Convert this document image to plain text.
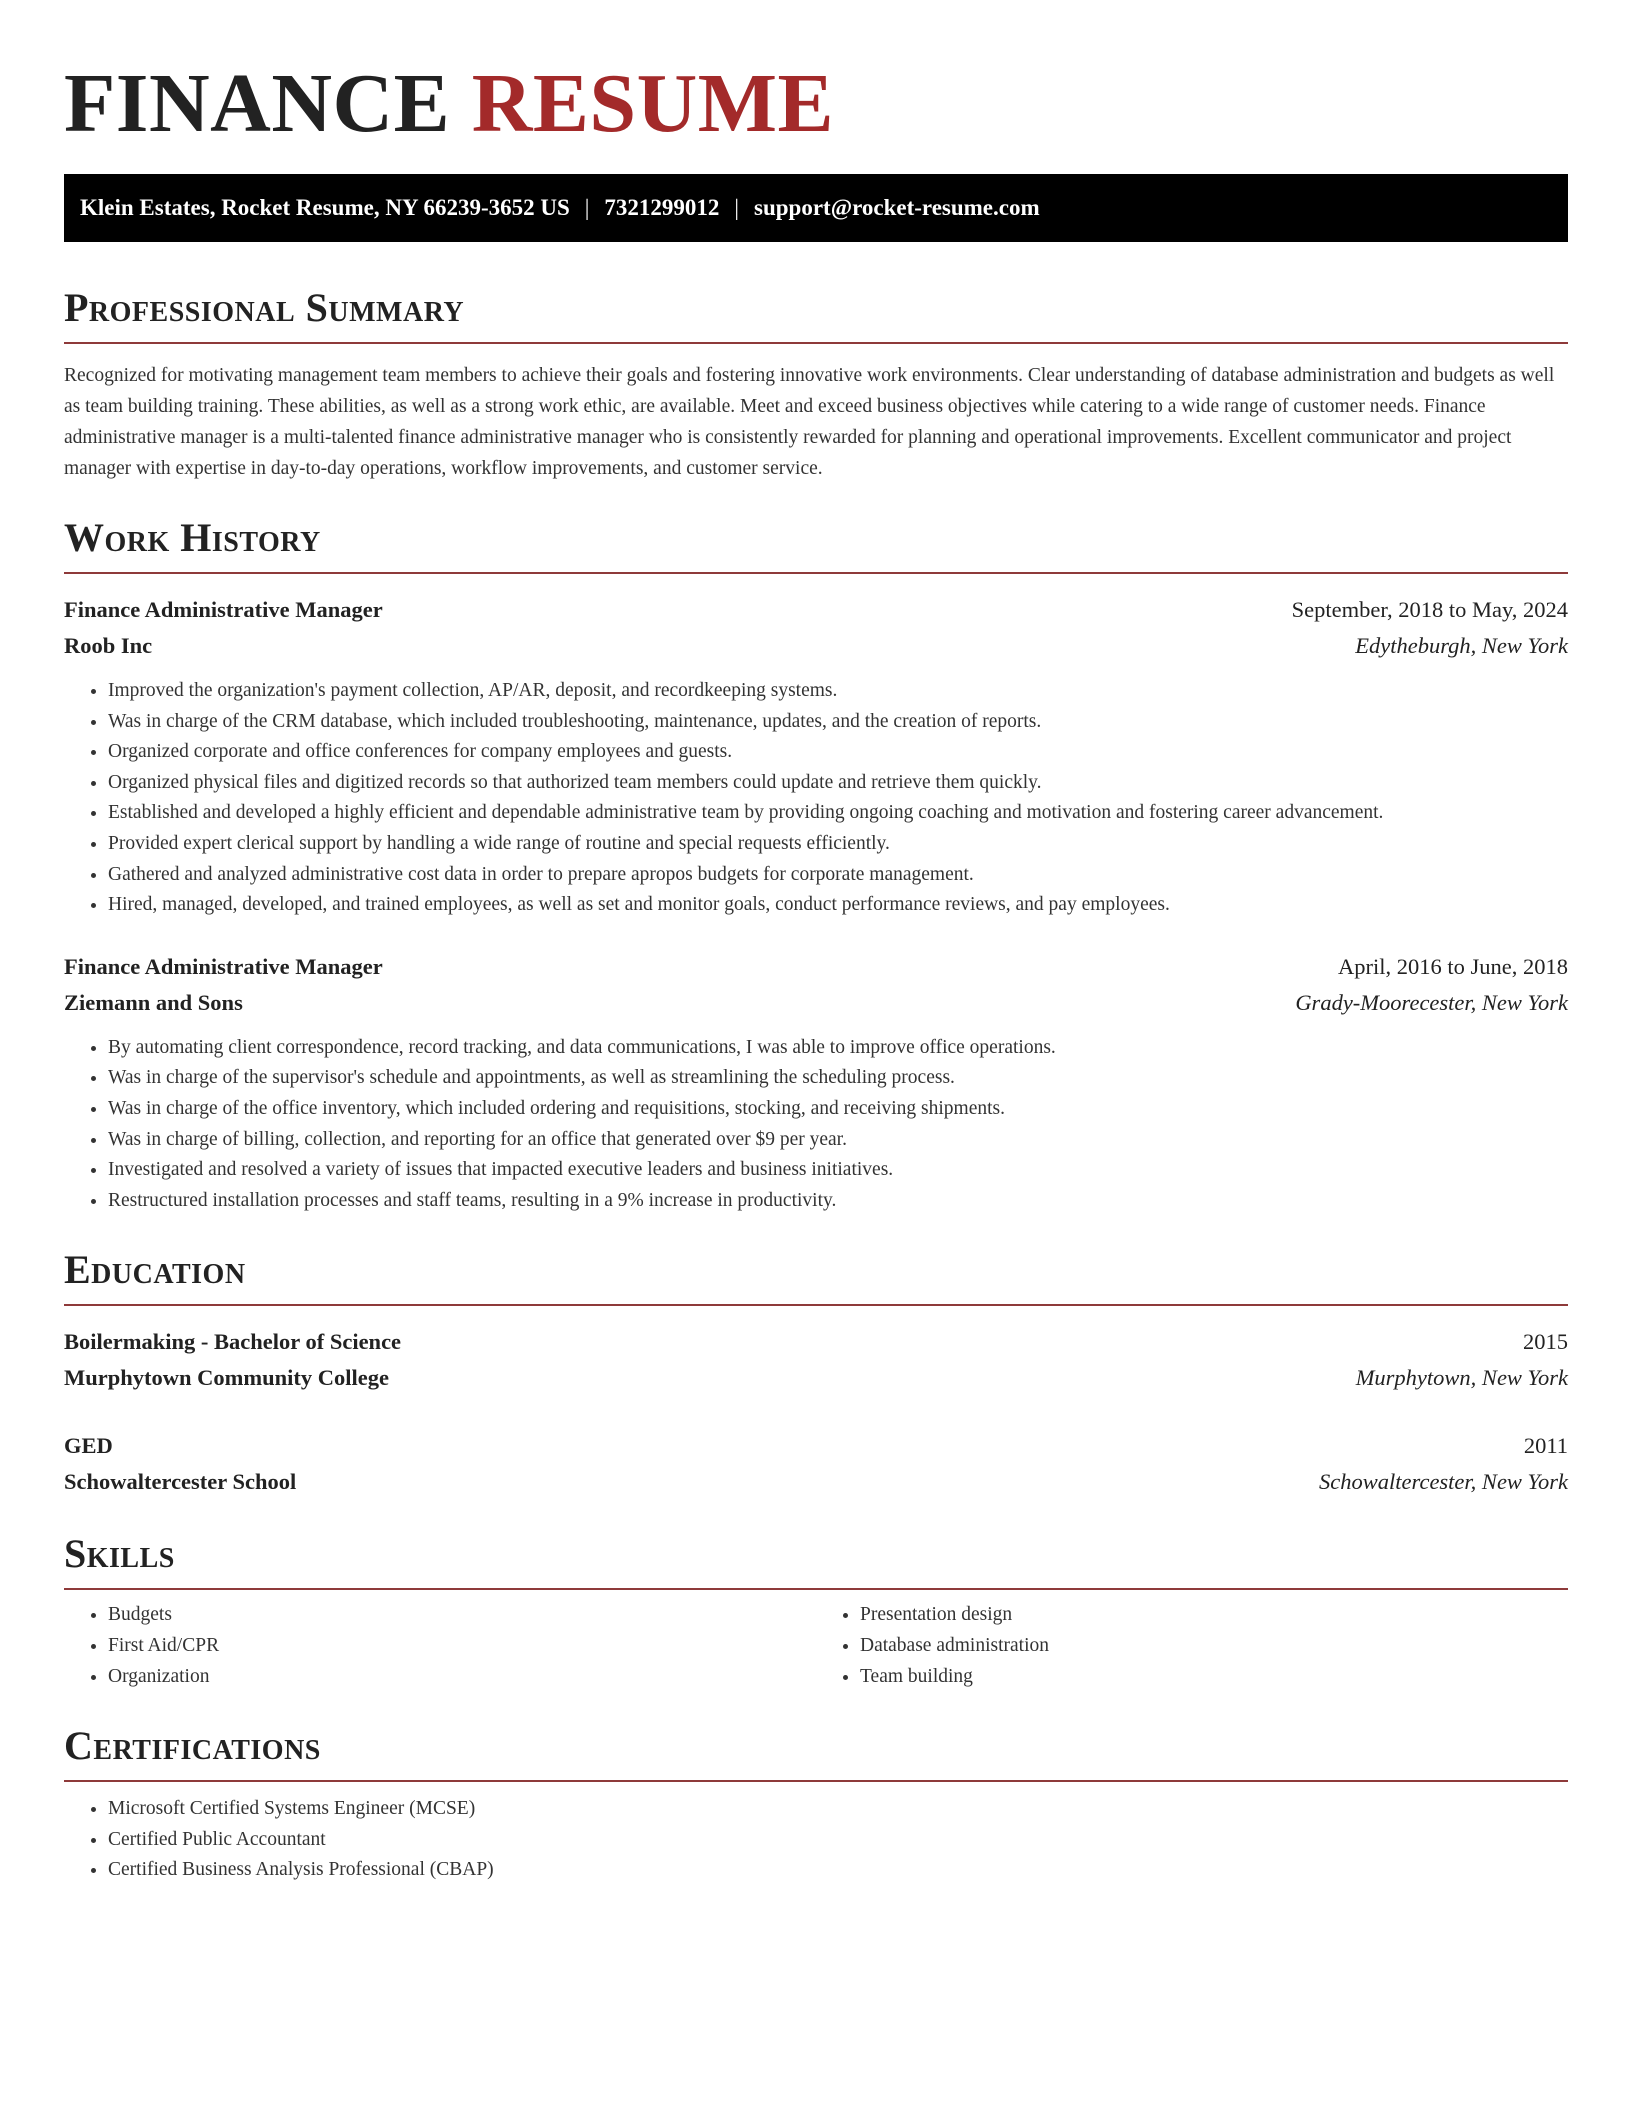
FINANCE RESUME
Klein Estates, Rocket Resume, NY 66239-3652 US | 7321299012 | support@rocket-resume.com
Professional Summary

Recognized for motivating management team members to achieve their goals and fostering innovative work environments. Clear understanding of database administration and budgets as well as team building training. These abilities, as well as a strong work ethic, are available. Meet and exceed business objectives while catering to a wide range of customer needs. Finance administrative manager is a multi-talented finance administrative manager who is consistently rewarded for planning and operational improvements. Excellent communicator and project manager with expertise in day-to-day operations, workflow improvements, and customer service.

Work History
Finance Administrative Manager	September, 2018 to May, 2024
Roob Inc	Edytheburgh, New York
• Improved the organization's payment collection, AP/AR, deposit, and recordkeeping systems.
• Was in charge of the CRM database, which included troubleshooting, maintenance, updates, and the creation of reports.
• Organized corporate and office conferences for company employees and guests.
• Organized physical files and digitized records so that authorized team members could update and retrieve them quickly.
• Established and developed a highly efficient and dependable administrative team by providing ongoing coaching and motivation and fostering career advancement.
• Provided expert clerical support by handling a wide range of routine and special requests efficiently.
• Gathered and analyzed administrative cost data in order to prepare apropos budgets for corporate management.
• Hired, managed, developed, and trained employees, as well as set and monitor goals, conduct performance reviews, and pay employees.
Finance Administrative Manager	April, 2016 to June, 2018
Ziemann and Sons	Grady-Moorecester, New York
• By automating client correspondence, record tracking, and data communications, I was able to improve office operations.
• Was in charge of the supervisor's schedule and appointments, as well as streamlining the scheduling process.
• Was in charge of the office inventory, which included ordering and requisitions, stocking, and receiving shipments.
• Was in charge of billing, collection, and reporting for an office that generated over $9 per year.
• Investigated and resolved a variety of issues that impacted executive leaders and business initiatives.
• Restructured installation processes and staff teams, resulting in a 9% increase in productivity.
Education
Boilermaking - Bachelor of Science	2015
Murphytown Community College	Murphytown, New York
GED	2011
Schowaltercester School	Schowaltercester, New York
Skills
• Budgets
• First Aid/CPR
• Organization
• Presentation design
• Database administration
• Team building
Certifications
• Microsoft Certified Systems Engineer (MCSE)
• Certified Public Accountant
• Certified Business Analysis Professional (CBAP)
